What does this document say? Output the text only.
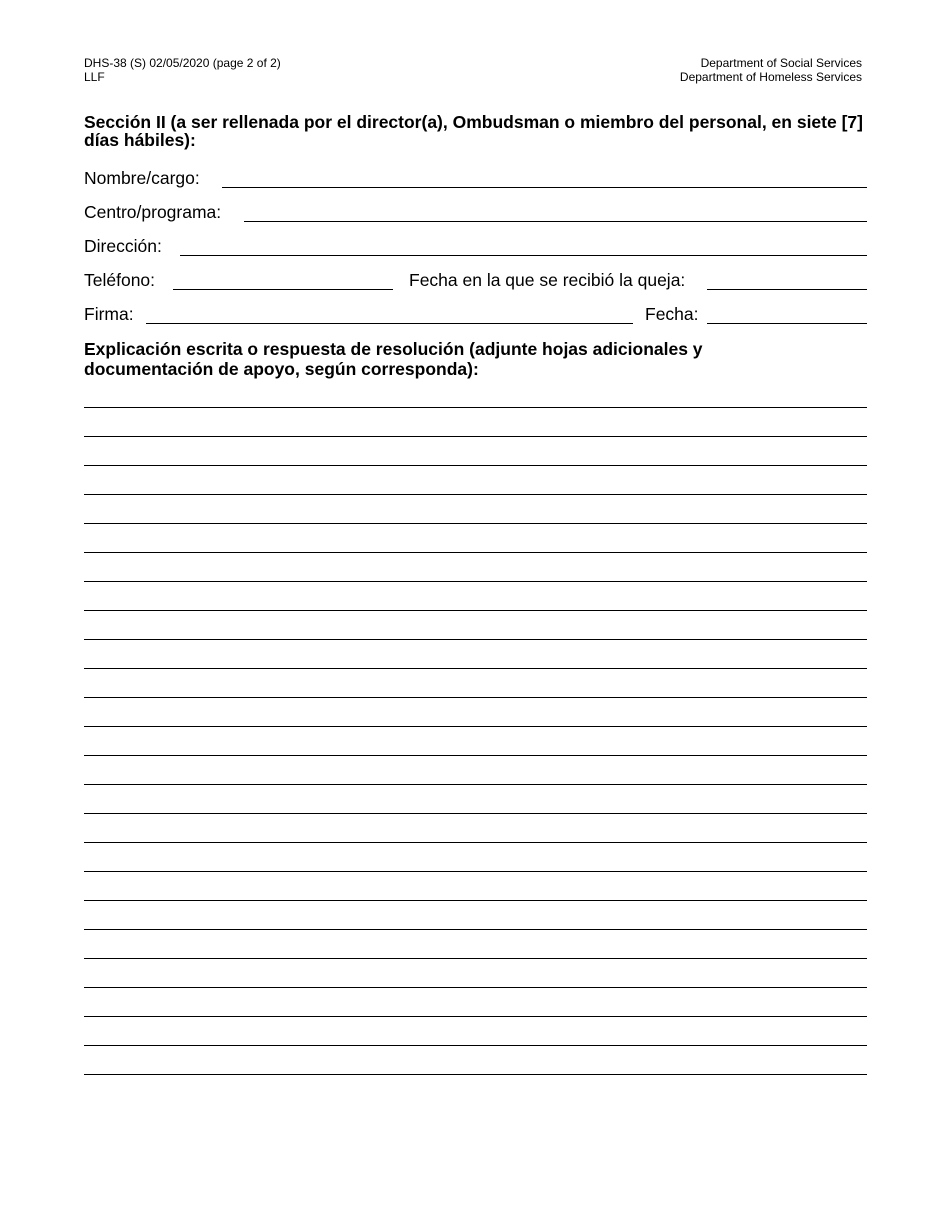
DHS-38 (S) 02/05/2020 (page 2 of 2)
LLF
Department of Social Services
Department of Homeless Services
Sección II (a ser rellenada por el director(a), Ombudsman o miembro del personal, en siete [7] días hábiles):
Nombre/cargo:
Centro/programa:
Dirección:
Teléfono:	Fecha en la que se recibió la queja:
Firma:	Fecha:
Explicación escrita o respuesta de resolución (adjunte hojas adicionales y documentación de apoyo, según corresponda):
